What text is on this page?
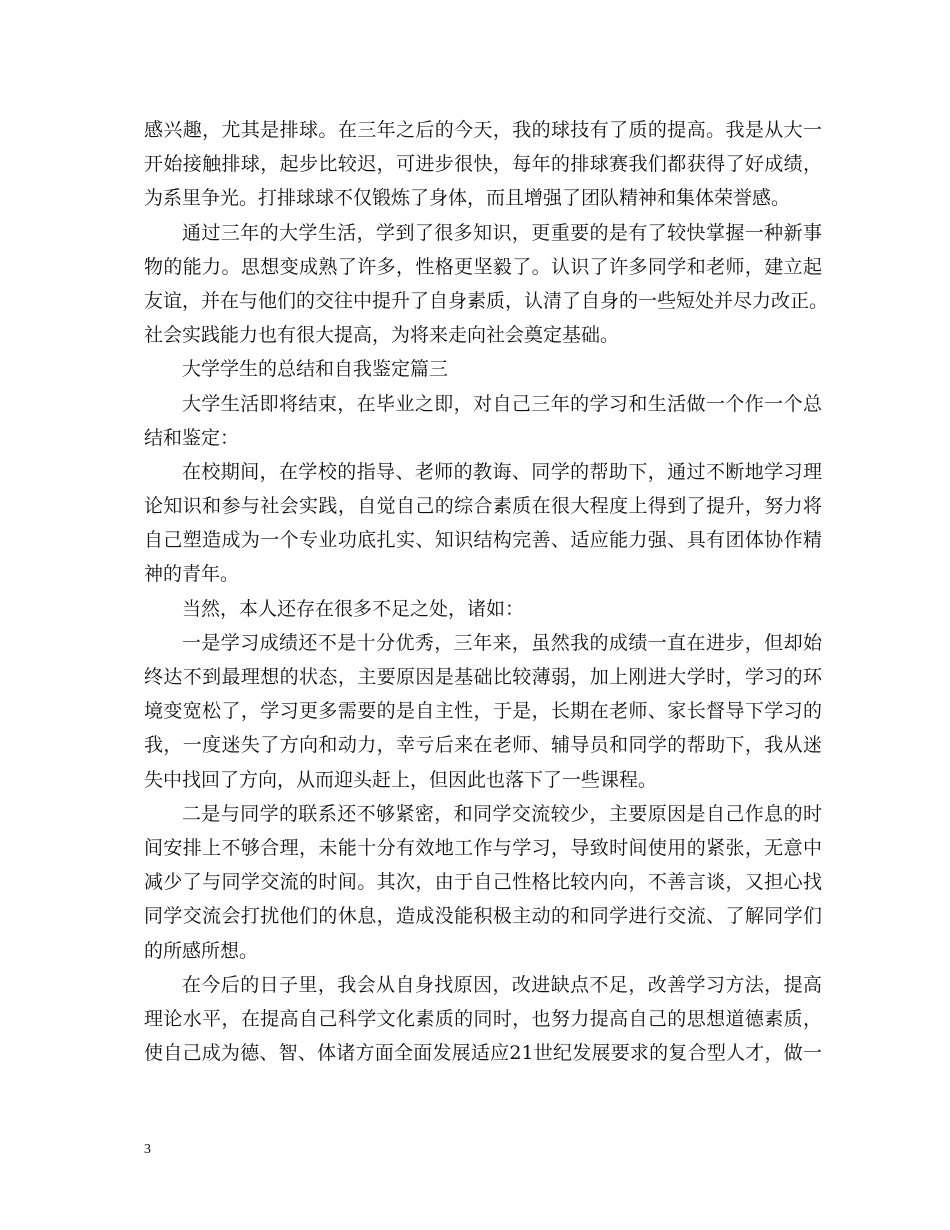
感兴趣，尤其是排球。在三年之后的今天，我的球技有了质的提高。我是从大一
开始接触排球，起步比较迟，可进步很快，每年的排球赛我们都获得了好成绩，
为系里争光。打排球球不仅锻炼了身体，而且增强了团队精神和集体荣誉感。
通过三年的大学生活，学到了很多知识，更重要的是有了较快掌握一种新事
物的能力。思想变成熟了许多，性格更坚毅了。认识了许多同学和老师，建立起
友谊，并在与他们的交往中提升了自身素质，认清了自身的一些短处并尽力改正。
社会实践能力也有很大提高，为将来走向社会奠定基础。
大学学生的总结和自我鉴定篇三
大学生活即将结束，在毕业之即，对自己三年的学习和生活做一个作一个总
结和鉴定：
在校期间，在学校的指导、老师的教诲、同学的帮助下，通过不断地学习理
论知识和参与社会实践，自觉自己的综合素质在很大程度上得到了提升，努力将
自己塑造成为一个专业功底扎实、知识结构完善、适应能力强、具有团体协作精
神的青年。
当然，本人还存在很多不足之处，诸如：
一是学习成绩还不是十分优秀，三年来，虽然我的成绩一直在进步，但却始
终达不到最理想的状态，主要原因是基础比较薄弱，加上刚进大学时，学习的环
境变宽松了，学习更多需要的是自主性，于是，长期在老师、家长督导下学习的
我，一度迷失了方向和动力，幸亏后来在老师、辅导员和同学的帮助下，我从迷
失中找回了方向，从而迎头赶上，但因此也落下了一些课程。
二是与同学的联系还不够紧密，和同学交流较少，主要原因是自己作息的时
间安排上不够合理，未能十分有效地工作与学习，导致时间使用的紧张，无意中
减少了与同学交流的时间。其次，由于自己性格比较内向，不善言谈，又担心找
同学交流会打扰他们的休息，造成没能积极主动的和同学进行交流、了解同学们
的所感所想。
在今后的日子里，我会从自身找原因，改进缺点不足，改善学习方法，提高
理论水平，在提高自己科学文化素质的同时，也努力提高自己的思想道德素质，
使自己成为德、智、体诸方面全面发展适应21世纪发展要求的复合型人才，做一
3
